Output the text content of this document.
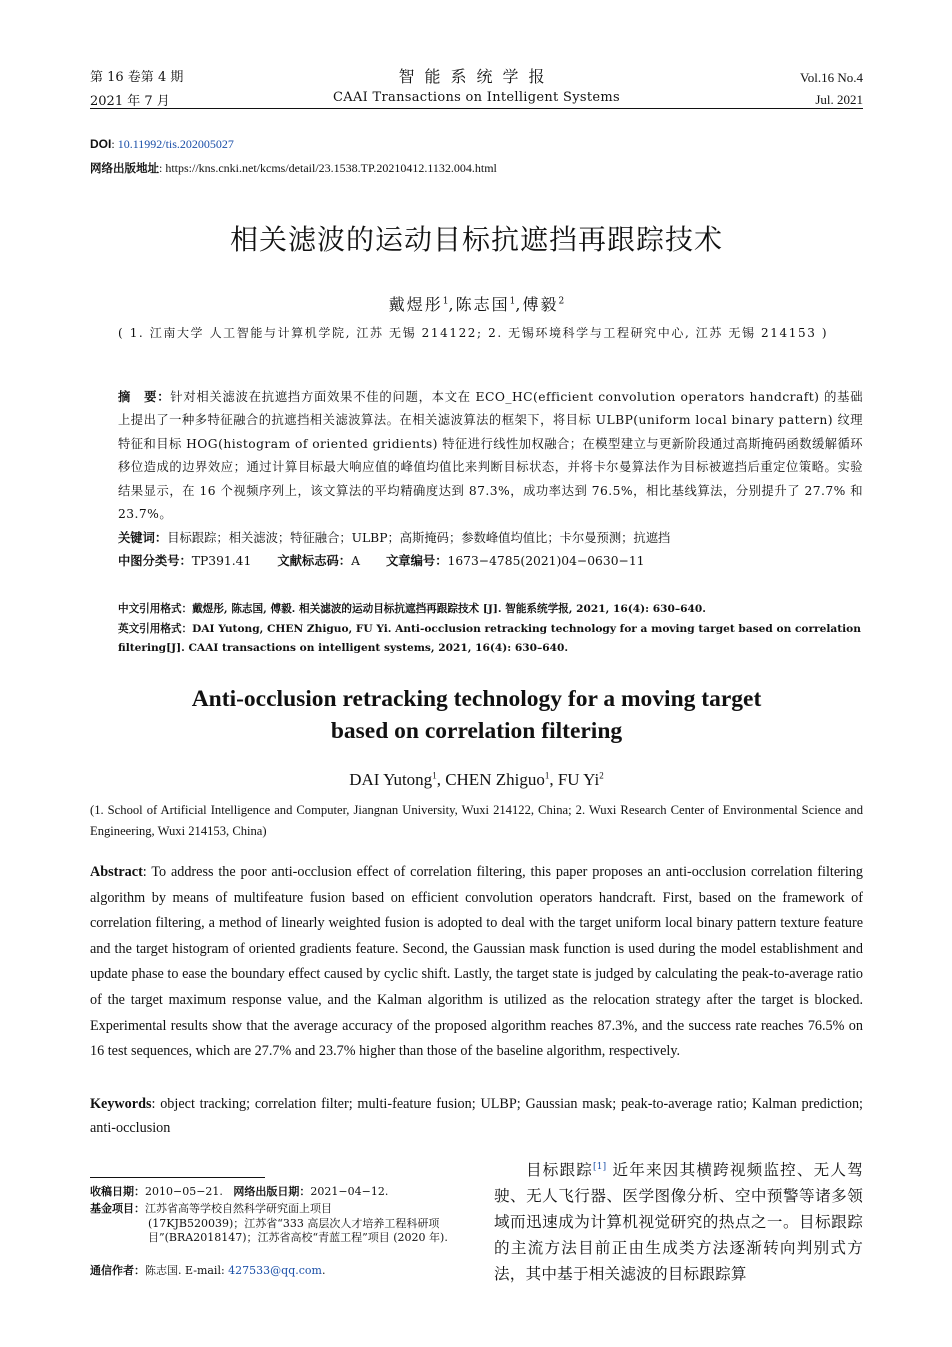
第 16 卷第 4 期
2021 年 7 月
智能系统学报
CAAI Transactions on Intelligent Systems
Vol.16 No.4
Jul. 2021
DOI: 10.11992/tis.202005027
网络出版地址: https://kns.cnki.net/kcms/detail/23.1538.TP.20210412.1132.004.html
相关滤波的运动目标抗遮挡再跟踪技术
戴煜彤$^1$,陈志国$^1$,傅毅$^2$
( 1. 江南大学 人工智能与计算机学院, 江苏 无锡 214122; 2. 无锡环境科学与工程研究中心, 江苏 无锡 214153 )
摘　要：针对相关滤波在抗遮挡方面效果不佳的问题，本文在 ECO_HC(efficient convolution operators handcraft) 的基础上提出了一种多特征融合的抗遮挡相关滤波算法。在相关滤波算法的框架下，将目标 ULBP(uniform local binary pattern) 纹理特征和目标 HOG(histogram of oriented gridients) 特征进行线性加权融合；在模型建立与更新阶段通过高斯掩码函数缓解循环移位造成的边界效应；通过计算目标最大响应值的峰值均值比来判断目标状态，并将卡尔曼算法作为目标被遮挡后重定位策略。实验结果显示，在 16 个视频序列上，该文算法的平均精确度达到 87.3%，成功率达到 76.5%，相比基线算法，分别提升了 27.7% 和 23.7%。
关键词：目标跟踪；相关滤波；特征融合；ULBP；高斯掩码；参数峰值均值比；卡尔曼预测；抗遮挡
中图分类号：TP391.41 文献标志码：A 文章编号：1673−4785(2021)04−0630−11
中文引用格式：戴煜彤, 陈志国, 傅毅. 相关滤波的运动目标抗遮挡再跟踪技术 [J]. 智能系统学报, 2021, 16(4): 630–640.
英文引用格式：DAI Yutong, CHEN Zhiguo, FU Yi. Anti-occlusion retracking technology for a moving target based on correlation filtering[J]. CAAI transactions on intelligent systems, 2021, 16(4): 630–640.
Anti-occlusion retracking technology for a moving target
based on correlation filtering
DAI Yutong$^1$, CHEN Zhiguo$^1$, FU Yi$^2$
(1. School of Artificial Intelligence and Computer, Jiangnan University, Wuxi 214122, China; 2. Wuxi Research Center of Environmental Science and Engineering, Wuxi 214153, China)
Abstract: To address the poor anti-occlusion effect of correlation filtering, this paper proposes an anti-occlusion correlation filtering algorithm by means of multifeature fusion based on efficient convolution operators handcraft. First, based on the framework of correlation filtering, a method of linearly weighted fusion is adopted to deal with the target uniform local binary pattern texture feature and the target histogram of oriented gradients feature. Second, the Gaussian mask function is used during the model establishment and update phase to ease the boundary effect caused by cyclic shift. Lastly, the target state is judged by calculating the peak-to-average ratio of the target maximum response value, and the Kalman algorithm is utilized as the relocation strategy after the target is blocked. Experimental results show that the average accuracy of the proposed algorithm reaches 87.3%, and the success rate reaches 76.5% on 16 test sequences, which are 27.7% and 23.7% higher than those of the baseline algorithm, respectively.
Keywords: object tracking; correlation filter; multi-feature fusion; ULBP; Gaussian mask; peak-to-average ratio; Kalman prediction; anti-occlusion
收稿日期：2010−05−21. 网络出版日期：2021−04−12.
基金项目：江苏省高等学校自然科学研究面上项目
(17KJB520039)；江苏省“333 高层次人才培养工程科研项目”(BRA2018147)；江苏省高校“青蓝工程”项目 (2020 年).
通信作者：陈志国. E-mail: 427533@qq.com.
目标跟踪[1] 近年来因其横跨视频监控、无人驾驶、无人飞行器、医学图像分析、空中预警等诸多领域而迅速成为计算机视觉研究的热点之一。目标跟踪的主流方法目前正由生成类方法逐渐转向判别式方法，其中基于相关滤波的目标跟踪算
